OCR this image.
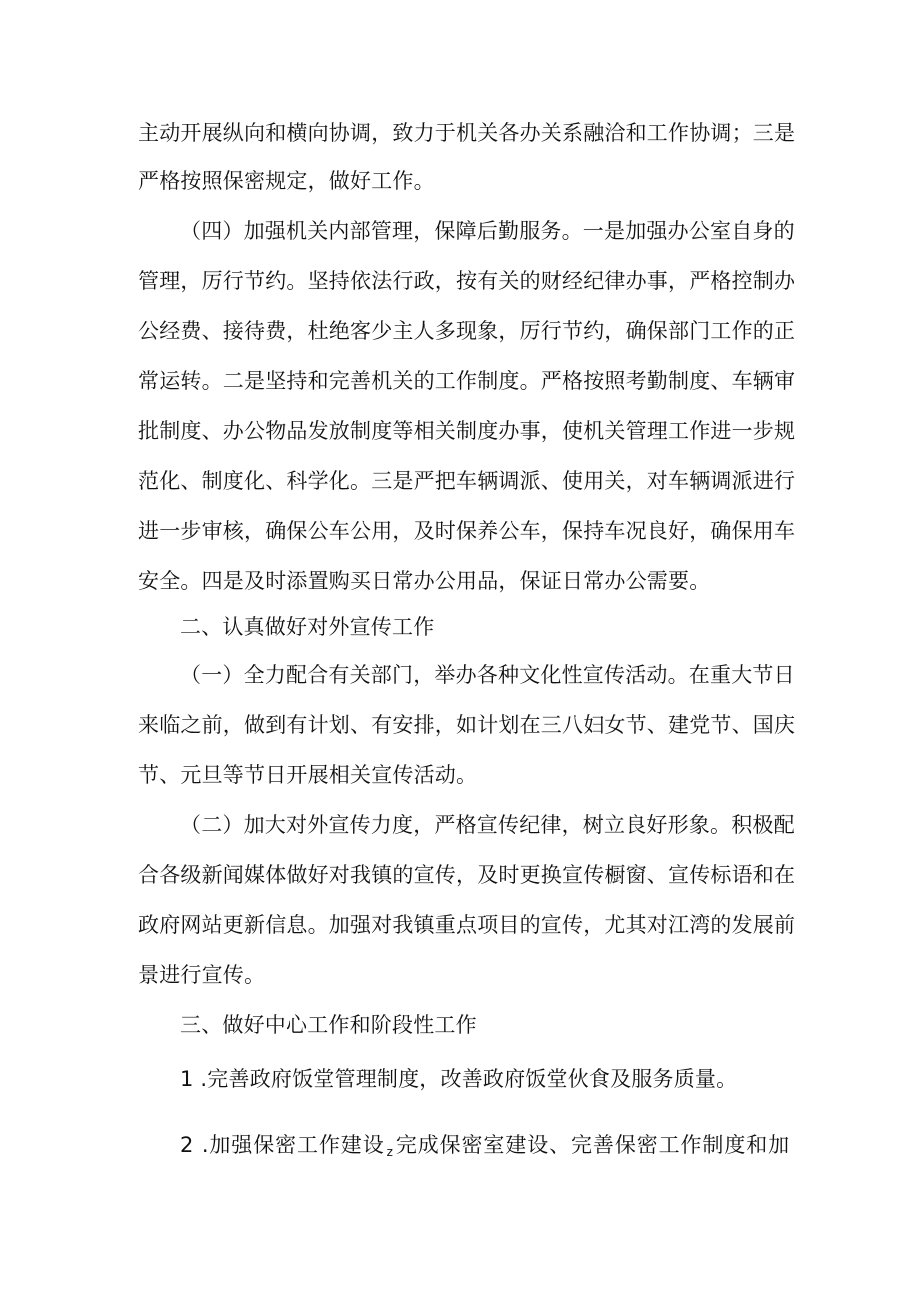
主动开展纵向和横向协调，致力于机关各办关系融洽和工作协调；三是
严格按照保密规定，做好工作。
（四）加强机关内部管理，保障后勤服务。一是加强办公室自身的
管理，厉行节约。坚持依法行政，按有关的财经纪律办事，严格控制办
公经费、接待费，杜绝客少主人多现象，厉行节约，确保部门工作的正
常运转。二是坚持和完善机关的工作制度。严格按照考勤制度、车辆审
批制度、办公物品发放制度等相关制度办事，使机关管理工作进一步规
范化、制度化、科学化。三是严把车辆调派、使用关，对车辆调派进行
进一步审核，确保公车公用，及时保养公车，保持车况良好，确保用车
安全。四是及时添置购买日常办公用品，保证日常办公需要。
二、认真做好对外宣传工作
（一）全力配合有关部门，举办各种文化性宣传活动。在重大节日
来临之前，做到有计划、有安排，如计划在三八妇女节、建党节、国庆
节、元旦等节日开展相关宣传活动。
（二）加大对外宣传力度，严格宣传纪律，树立良好形象。积极配
合各级新闻媒体做好对我镇的宣传，及时更换宣传橱窗、宣传标语和在
政府网站更新信息。加强对我镇重点项目的宣传，尤其对江湾的发展前
景进行宣传。
三、做好中心工作和阶段性工作
1 .完善政府饭堂管理制度，改善政府饭堂伙食及服务质量。
2 .加强保密工作建设 z完成保密室建设、完善保密工作制度和加
